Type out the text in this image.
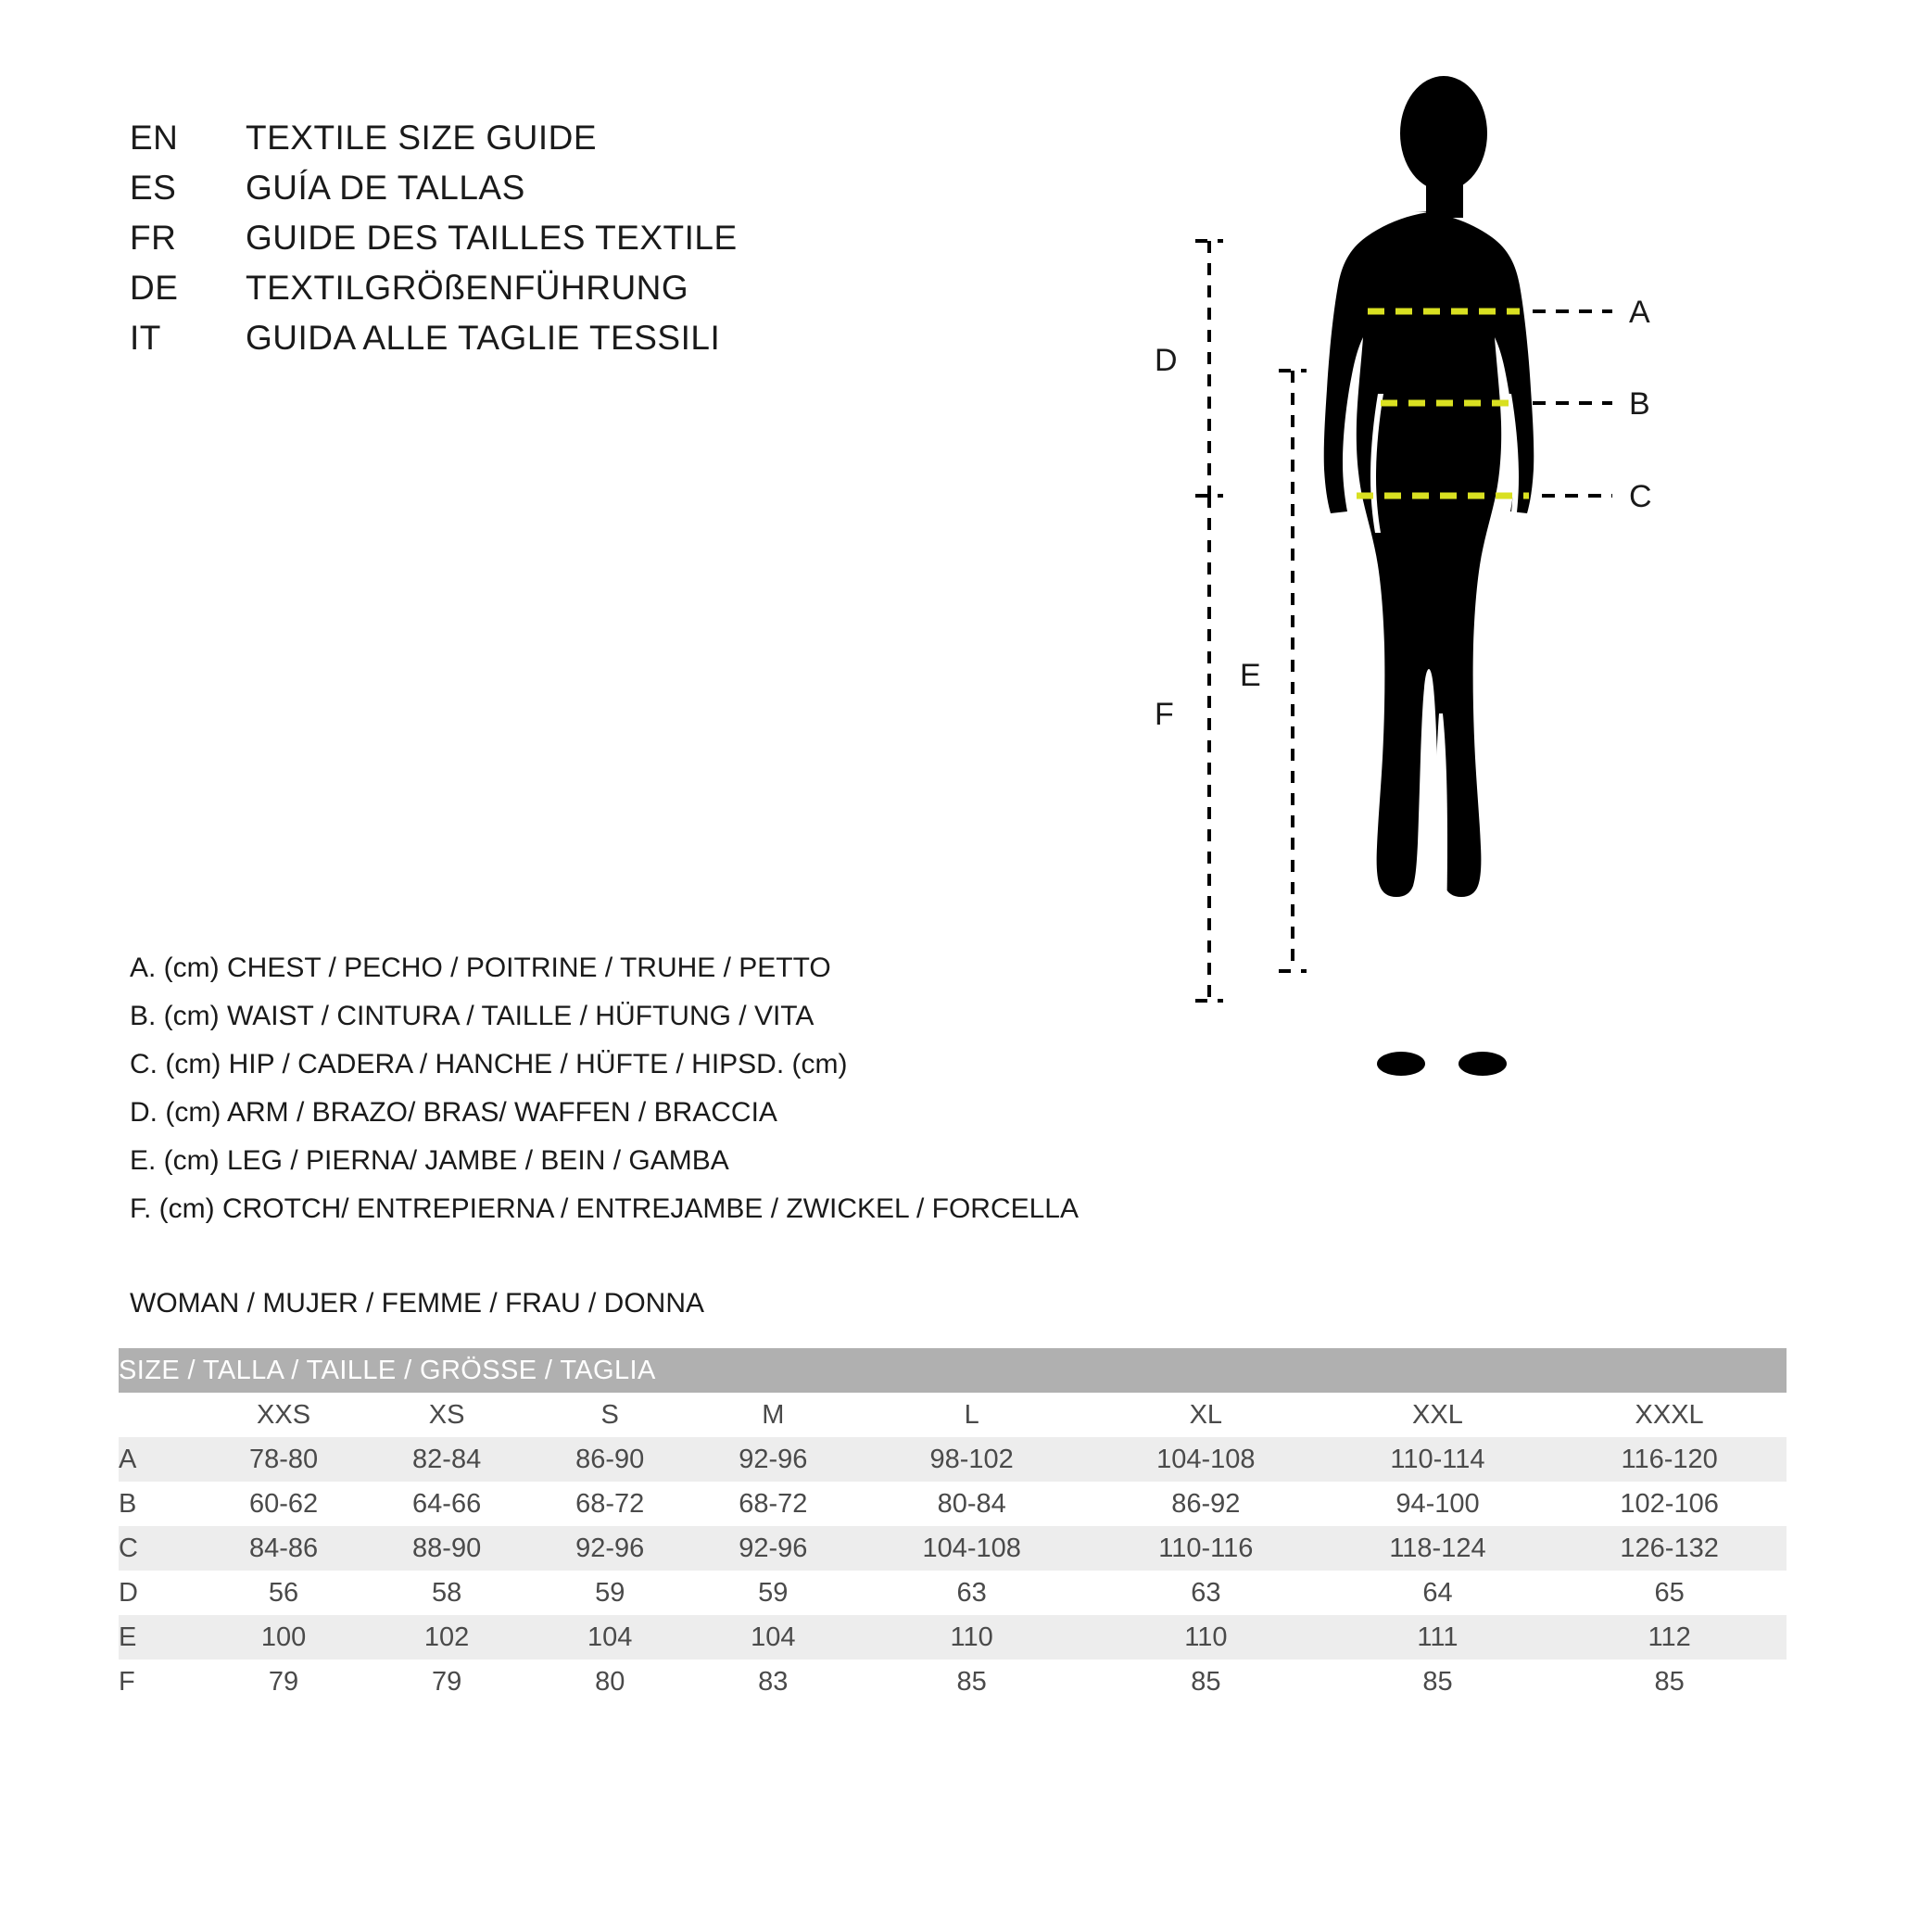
EN	TEXTILE SIZE GUIDE
ES	GUÍA DE TALLAS
FR	GUIDE DES TAILLES TEXTILE
DE	TEXTILGRÖßENFÜHRUNG
IT	GUIDA ALLE TAGLIE TESSILI
A
B
C
D
E
F
A. (cm) CHEST / PECHO / POITRINE / TRUHE / PETTO
B. (cm) WAIST / CINTURA / TAILLE / HÜFTUNG / VITA
C. (cm) HIP / CADERA / HANCHE / HÜFTE / HIPSD. (cm)
D. (cm) ARM / BRAZO/ BRAS/ WAFFEN / BRACCIA
E. (cm) LEG / PIERNA/ JAMBE / BEIN / GAMBA
F. (cm) CROTCH/ ENTREPIERNA / ENTREJAMBE / ZWICKEL / FORCELLA
WOMAN / MUJER / FEMME / FRAU / DONNA
SIZE / TALLA / TAILLE / GRÖSSE / TAGLIA								
	XXS	XS	S	M	L	XL	XXL	XXXL
A	78-80	82-84	86-90	92-96	98-102	104-108	110-114	116-120
B	60-62	64-66	68-72	68-72	80-84	86-92	94-100	102-106
C	84-86	88-90	92-96	92-96	104-108	110-116	118-124	126-132
D	56	58	59	59	63	63	64	65
E	100	102	104	104	110	110	111	112
F	79	79	80	83	85	85	85	85
